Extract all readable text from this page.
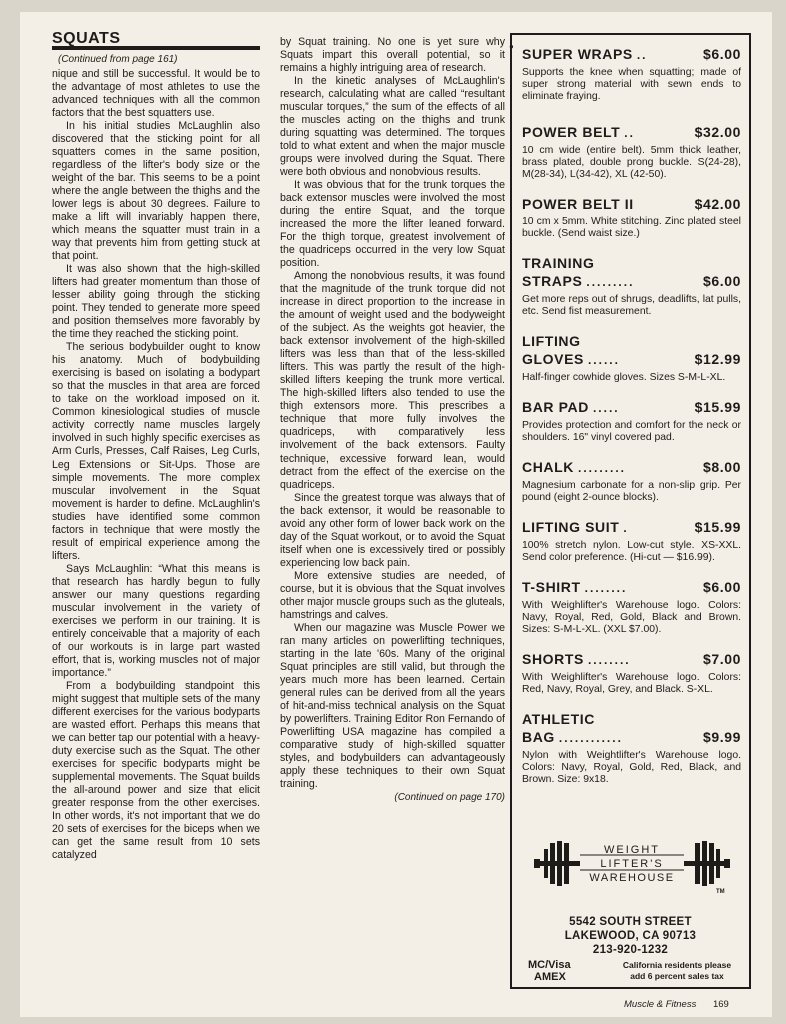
SQUATS
(Continued from page 161)

nique and still be successful. It would be to the advantage of most athletes to use the advanced techniques with all the common factors that the best squatters use.

In his initial studies McLaughlin also discovered that the sticking point for all squatters comes in the same position, regardless of the lifter's body size or the weight of the bar. This seems to be a point where the angle between the thighs and the lower legs is about 30 degrees. Failure to make a lift will invariably happen there, which means the squatter must train in a way that prevents him from getting stuck at that point.

It was also shown that the high-skilled lifters had greater momentum than those of lesser ability going through the sticking point. They tended to generate more speed and position themselves more favorably by the time they reached the sticking point.

The serious bodybuilder ought to know his anatomy. Much of bodybuilding exercising is based on isolating a bodypart so that the muscles in that area are forced to take on the workload imposed on it. Common kinesiological studies of muscle activity correctly name muscles largely involved in such highly specific exercises as Arm Curls, Presses, Calf Raises, Leg Curls, Leg Extensions or Sit-Ups. Those are simple movements. The more complex muscular involvement in the Squat movement is harder to define. McLaughlin's studies have identified some common factors in technique that were mostly the result of empirical experience among the lifters.

Says McLaughlin: “What this means is that research has hardly begun to fully answer our many questions regarding muscular involvement in the variety of exercises we perform in our training. It is entirely conceivable that a majority of each of our workouts is in large part wasted effort, that is, working muscles not of major importance.”

From a bodybuilding standpoint this might suggest that multiple sets of the many different exercises for the various bodyparts are wasted effort. Perhaps this means that we can better tap our potential with a heavy-duty exercise such as the Squat. The other exercises for specific bodyparts might be supplemental movements. The Squat builds the all-around power and size that elicit greater response from the other exercises. In other words, it's not important that we do 20 sets of exercises for the biceps when we can get the same result from 10 sets catalyzed

by Squat training. No one is yet sure why Squats impart this overall potential, so it remains a highly intriguing area of research.

In the kinetic analyses of McLaughlin's research, calculating what are called “resultant muscular torques,” the sum of the effects of all the muscles acting on the thighs and trunk during squatting was determined. The torques told to what extent and when the major muscle groups were involved during the Squat. There were both obvious and nonobvious results.

It was obvious that for the trunk torques the back extensor muscles were involved the most during the entire Squat, and the torque increased the more the lifter leaned forward. For the thigh torque, greatest involvement of the quadriceps occurred in the very low Squat position.

Among the nonobvious results, it was found that the magnitude of the trunk torque did not increase in direct proportion to the increase in the amount of weight used and the bodyweight of the subject. As the weights got heavier, the back extensor involvement of the high-skilled lifters was less than that of the less-skilled lifters. This was partly the result of the high-skilled lifters keeping the trunk more vertical. The high-skilled lifters also tended to use the thigh extensors more. This prescribes a technique that more fully involves the quadriceps, with comparatively less involvement of the back extensors. Faulty technique, excessive forward lean, would detract from the effect of the exercise on the quadriceps.

Since the greatest torque was always that of the back extensor, it would be reasonable to avoid any other form of lower back work on the day of the Squat workout, or to avoid the Squat itself when one is excessively tired or possibly experiencing low back pain.

More extensive studies are needed, of course, but it is obvious that the Squat involves other major muscle groups such as the gluteals, hamstrings and calves.

When our magazine was Muscle Power we ran many articles on powerlifting techniques, starting in the late '60s. Many of the original Squat principles are still valid, but through the years much more has been learned. Certain general rules can be derived from all the years of hit-and-miss technical analysis on the Squat by powerlifters. Training Editor Ron Fernando of Powerlifting USA magazine has compiled a comparative study of high-skilled squatter styles, and bodybuilders can advantageously apply these techniques to their own Squat training.

(Continued on page 170)
● SUPER WRAPS ..	$6.00
Supports the knee when squatting; made of super strong material with sewn ends to eliminate fraying.
POWER BELT ..	$32.00
10 cm wide (entire belt). 5mm thick leather, brass plated, double prong buckle. S(24-28), M(28-34), L(34-42), XL (42-50).
POWER BELT II	$42.00
10 cm x 5mm. White stitching. Zinc plated steel buckle. (Send waist size.)
TRAINING
STRAPS .........	$6.00
Get more reps out of shrugs, deadlifts, lat pulls, etc. Send fist measurement.
LIFTING
GLOVES ......	$12.99
Half-finger cowhide gloves. Sizes S-M-L-XL.
BAR PAD .....	$15.99
Provides protection and comfort for the neck or shoulders. 16" vinyl covered pad.
CHALK .........	$8.00
Magnesium carbonate for a non-slip grip. Per pound (eight 2-ounce blocks).
LIFTING SUIT .	$15.99
100% stretch nylon. Low-cut style. XS-XXL. Send color preference. (Hi-cut — $16.99).
T-SHIRT ........	$6.00
With Weighlifter's Warehouse logo. Colors: Navy, Royal, Red, Gold, Black and Brown. Sizes: S-M-L-XL. (XXL $7.00).
SHORTS ........	$7.00
With Weighlifter's Warehouse logo. Colors: Red, Navy, Royal, Grey, and Black. S-XL.
ATHLETIC
BAG ............	$9.99
Nylon with Weightlifter's Warehouse logo. Colors: Navy, Royal, Gold, Red, Black, and Brown. Size: 9x18.
WEIGHT
LIFTER'S
WAREHOUSE
TM
5542 SOUTH STREET
LAKEWOOD, CA 90713
213-920-1232
MC/Visa
AMEX
California residents please
add 6 percent sales tax
Muscle & Fitness 169
